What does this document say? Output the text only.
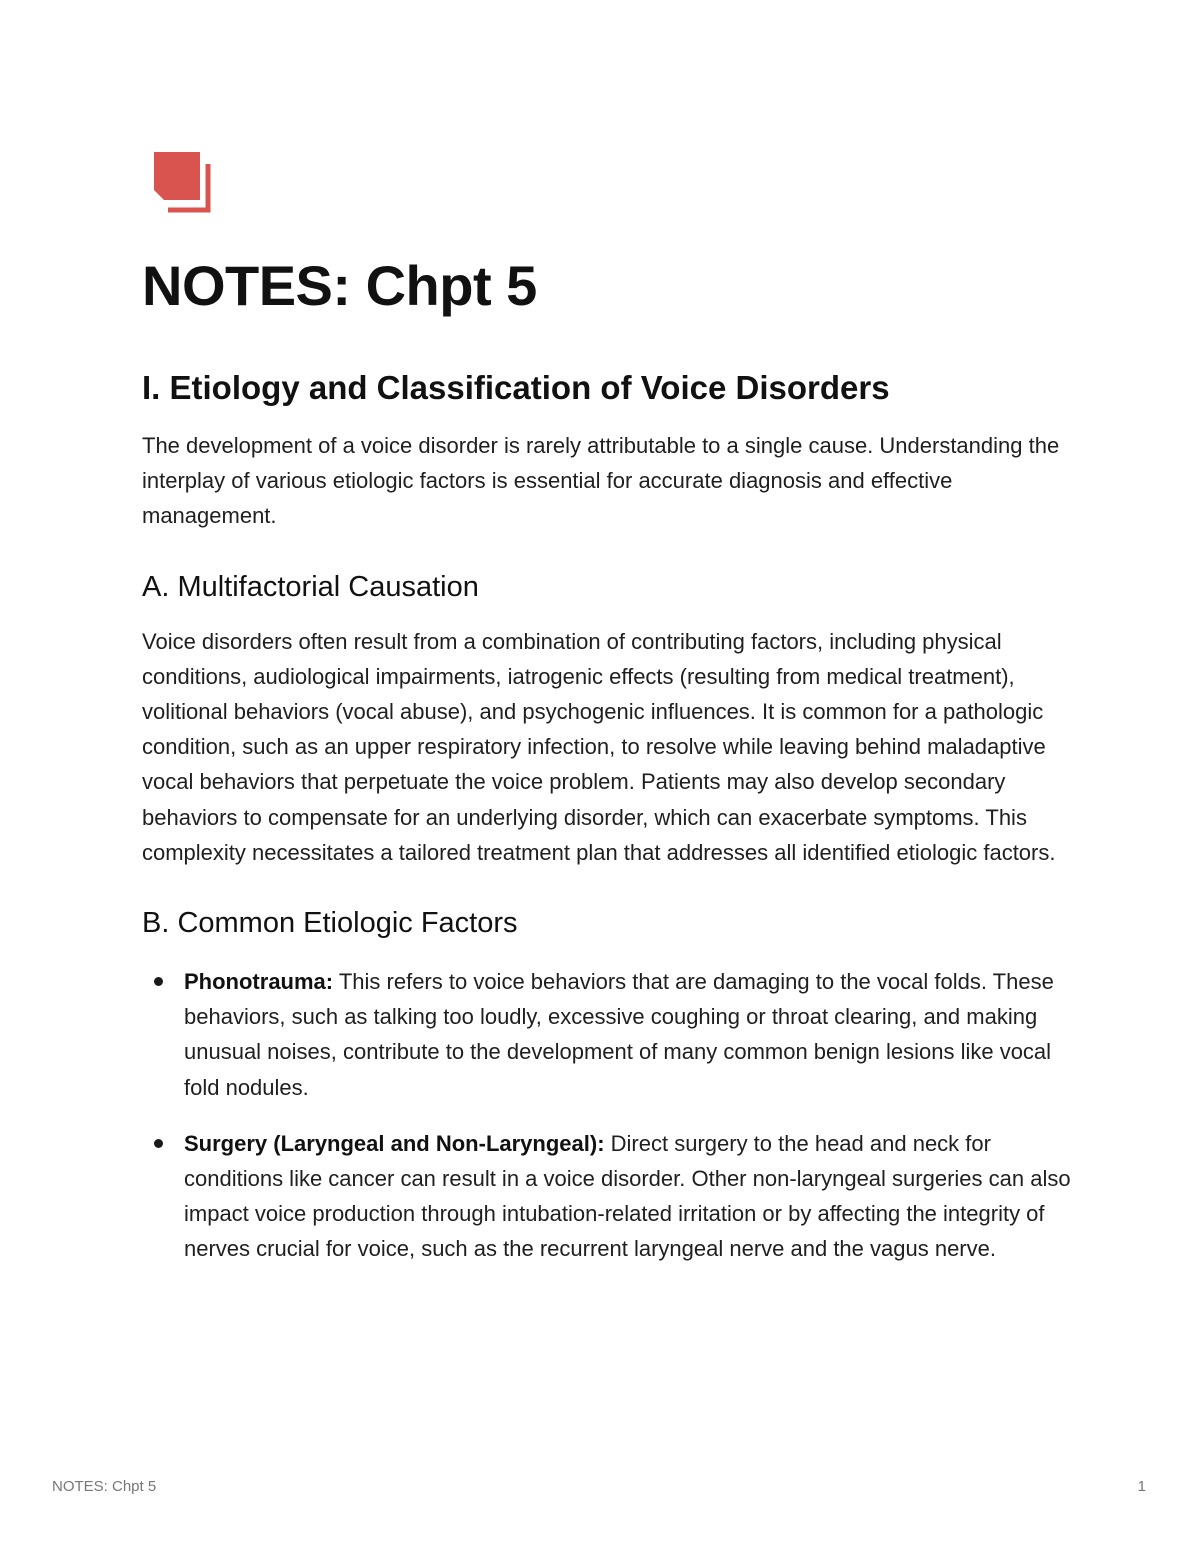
NOTES: Chpt 5
I. Etiology and Classification of Voice Disorders

The development of a voice disorder is rarely attributable to a single cause. Understanding the interplay of various etiologic factors is essential for accurate diagnosis and effective management.

A. Multifactorial Causation

Voice disorders often result from a combination of contributing factors, including physical conditions, audiological impairments, iatrogenic effects (resulting from medical treatment), volitional behaviors (vocal abuse), and psychogenic influences. It is common for a pathologic condition, such as an upper respiratory infection, to resolve while leaving behind maladaptive vocal behaviors that perpetuate the voice problem. Patients may also develop secondary behaviors to compensate for an underlying disorder, which can exacerbate symptoms. This complexity necessitates a tailored treatment plan that addresses all identified etiologic factors.

B. Common Etiologic Factors
Phonotrauma: This refers to voice behaviors that are damaging to the vocal folds. These behaviors, such as talking too loudly, excessive coughing or throat clearing, and making unusual noises, contribute to the development of many common benign lesions like vocal fold nodules.
Surgery (Laryngeal and Non-Laryngeal): Direct surgery to the head and neck for conditions like cancer can result in a voice disorder. Other non-laryngeal surgeries can also impact voice production through intubation-related irritation or by affecting the integrity of nerves crucial for voice, such as the recurrent laryngeal nerve and the vagus nerve.
NOTES: Chpt 5	1
